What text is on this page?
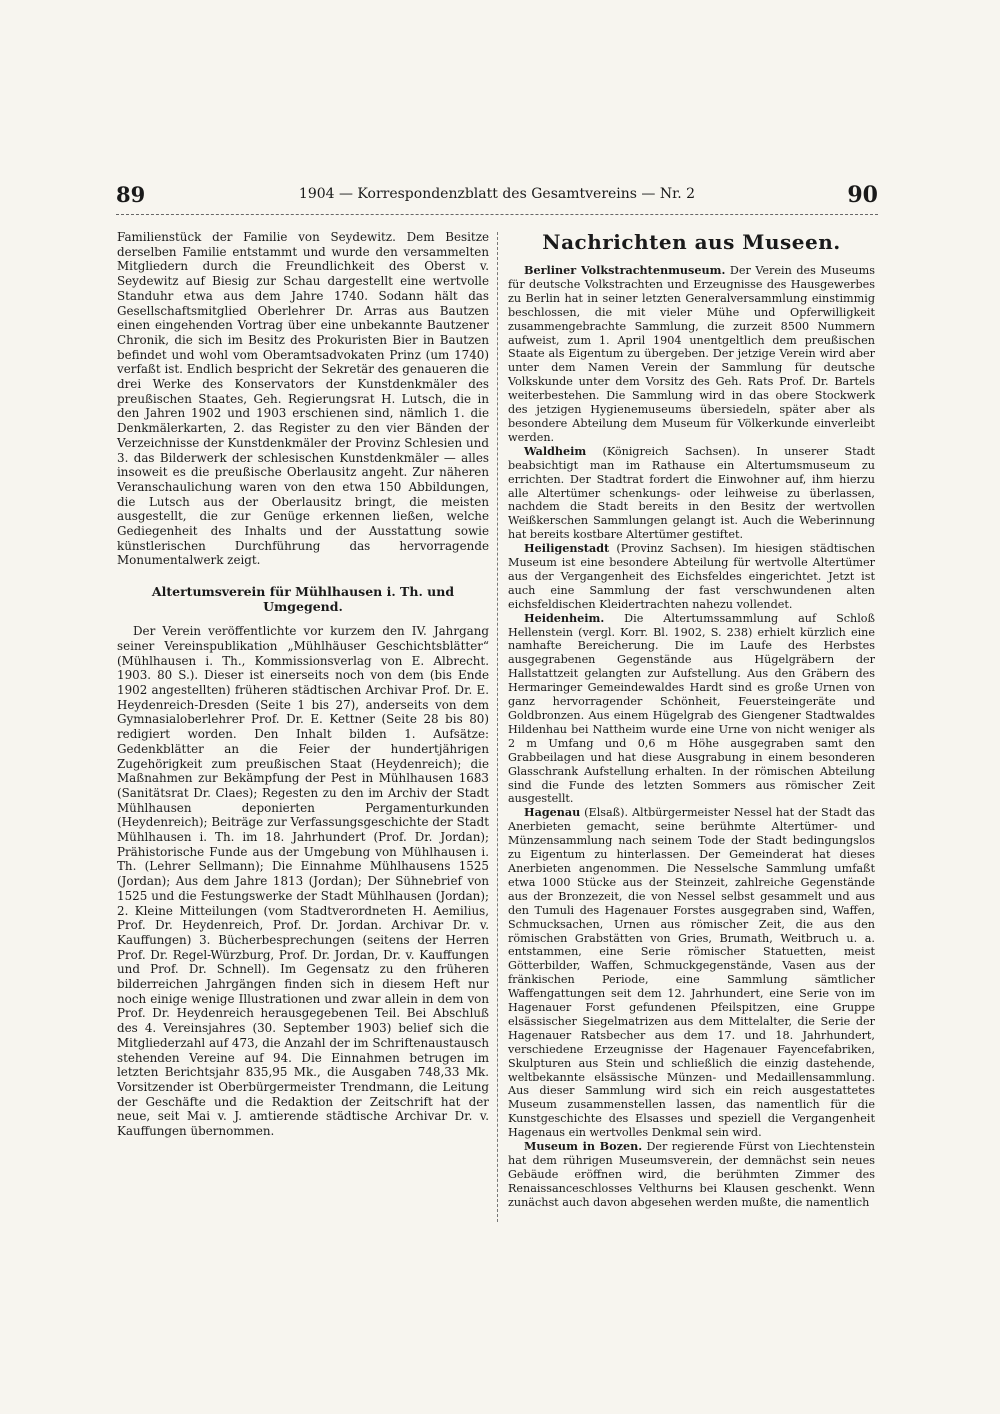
89	1904 — Korrespondenzblatt des Gesamtvereins — Nr. 2	90

Familienstück der Familie von Seydewitz. Dem Besitze derselben Familie entstammt und wurde den versammelten Mitgliedern durch die Freundlichkeit des Oberst v. Seydewitz auf Biesig zur Schau dargestellt eine wertvolle Standuhr etwa aus dem Jahre 1740. Sodann hält das Gesellschaftsmitglied Oberlehrer Dr. Arras aus Bautzen einen eingehenden Vortrag über eine unbekannte Bautzener Chronik, die sich im Besitz des Prokuristen Bier in Bautzen befindet und wohl vom Oberamtsadvokaten Prinz (um 1740) verfaßt ist. Endlich bespricht der Sekretär des genaueren die drei Werke des Konservators der Kunstdenkmäler des preußischen Staates, Geh. Regierungsrat H. Lutsch, die in den Jahren 1902 und 1903 erschienen sind, nämlich 1. die Denkmälerkarten, 2. das Register zu den vier Bänden der Verzeichnisse der Kunstdenkmäler der Provinz Schlesien und 3. das Bilderwerk der schlesischen Kunstdenkmäler — alles insoweit es die preußische Oberlausitz angeht. Zur näheren Veranschaulichung waren von den etwa 150 Abbildungen, die Lutsch aus der Oberlausitz bringt, die meisten ausgestellt, die zur Genüge erkennen ließen, welche Gediegenheit des Inhalts und der Ausstattung sowie künstlerischen Durchführung das hervorragende Monumentalwerk zeigt.

Altertumsverein für Mühlhausen i. Th. und Umgegend.

Der Verein veröffentlichte vor kurzem den IV. Jahrgang seiner Vereinspublikation „Mühlhäuser Geschichtsblätter“ (Mühlhausen i. Th., Kommissionsverlag von E. Albrecht. 1903. 80 S.). Dieser ist einerseits noch von dem (bis Ende 1902 angestellten) früheren städtischen Archivar Prof. Dr. E. Heydenreich-Dresden (Seite 1 bis 27), anderseits von dem Gymnasialoberlehrer Prof. Dr. E. Kettner (Seite 28 bis 80) redigiert worden. Den Inhalt bilden 1. Aufsätze: Gedenkblätter an die Feier der hundertjährigen Zugehörigkeit zum preußischen Staat (Heydenreich); die Maßnahmen zur Bekämpfung der Pest in Mühlhausen 1683 (Sanitätsrat Dr. Claes); Regesten zu den im Archiv der Stadt Mühlhausen deponierten Pergamenturkunden (Heydenreich); Beiträge zur Verfassungsgeschichte der Stadt Mühlhausen i. Th. im 18. Jahrhundert (Prof. Dr. Jordan); Prähistorische Funde aus der Umgebung von Mühlhausen i. Th. (Lehrer Sellmann); Die Einnahme Mühlhausens 1525 (Jordan); Aus dem Jahre 1813 (Jordan); Der Sühnebrief von 1525 und die Festungswerke der Stadt Mühlhausen (Jordan); 2. Kleine Mitteilungen (vom Stadtverordneten H. Aemilius, Prof. Dr. Heydenreich, Prof. Dr. Jordan. Archivar Dr. v. Kauffungen) 3. Bücherbesprechungen (seitens der Herren Prof. Dr. Regel-Würzburg, Prof. Dr. Jordan, Dr. v. Kauffungen und Prof. Dr. Schnell). Im Gegensatz zu den früheren bilderreichen Jahrgängen finden sich in diesem Heft nur noch einige wenige Illustrationen und zwar allein in dem von Prof. Dr. Heydenreich herausgegebenen Teil. Bei Abschluß des 4. Vereinsjahres (30. September 1903) belief sich die Mitgliederzahl auf 473, die Anzahl der im Schriftenaustausch stehenden Vereine auf 94. Die Einnahmen betrugen im letzten Berichtsjahr 835,95 Mk., die Ausgaben 748,33 Mk. Vorsitzender ist Oberbürgermeister Trendmann, die Leitung der Geschäfte und die Redaktion der Zeitschrift hat der neue, seit Mai v. J. amtierende städtische Archivar Dr. v. Kauffungen übernommen.

Nachrichten aus Museen.

Berliner Volkstrachtenmuseum. Der Verein des Museums für deutsche Volkstrachten und Erzeugnisse des Hausgewerbes zu Berlin hat in seiner letzten Generalversammlung einstimmig beschlossen, die mit vieler Mühe und Opferwilligkeit zusammengebrachte Sammlung, die zurzeit 8500 Nummern aufweist, zum 1. April 1904 unentgeltlich dem preußischen Staate als Eigentum zu übergeben. Der jetzige Verein wird aber unter dem Namen Verein der Sammlung für deutsche Volkskunde unter dem Vorsitz des Geh. Rats Prof. Dr. Bartels weiterbestehen. Die Sammlung wird in das obere Stockwerk des jetzigen Hygienemuseums übersiedeln, später aber als besondere Abteilung dem Museum für Völkerkunde einverleibt werden.

Waldheim (Königreich Sachsen). In unserer Stadt beabsichtigt man im Rathause ein Altertumsmuseum zu errichten. Der Stadtrat fordert die Einwohner auf, ihm hierzu alle Altertümer schenkungs- oder leihweise zu überlassen, nachdem die Stadt bereits in den Besitz der wertvollen Weißkerschen Sammlungen gelangt ist. Auch die Weberinnung hat bereits kostbare Altertümer gestiftet.

Heiligenstadt (Provinz Sachsen). Im hiesigen städtischen Museum ist eine besondere Abteilung für wertvolle Altertümer aus der Vergangenheit des Eichsfeldes eingerichtet. Jetzt ist auch eine Sammlung der fast verschwundenen alten eichsfeldischen Kleidertrachten nahezu vollendet.

Heidenheim. Die Altertumssammlung auf Schloß Hellenstein (vergl. Korr. Bl. 1902, S. 238) erhielt kürzlich eine namhafte Bereicherung. Die im Laufe des Herbstes ausgegrabenen Gegenstände aus Hügelgräbern der Hallstattzeit gelangten zur Aufstellung. Aus den Gräbern des Hermaringer Gemeindewaldes Hardt sind es große Urnen von ganz hervorragender Schönheit, Feuersteingeräte und Goldbronzen. Aus einem Hügelgrab des Giengener Stadtwaldes Hildenhau bei Nattheim wurde eine Urne von nicht weniger als 2 m Umfang und 0,6 m Höhe ausgegraben samt den Grabbeilagen und hat diese Ausgrabung in einem besonderen Glasschrank Aufstellung erhalten. In der römischen Abteilung sind die Funde des letzten Sommers aus römischer Zeit ausgestellt.

Hagenau (Elsaß). Altbürgermeister Nessel hat der Stadt das Anerbieten gemacht, seine berühmte Altertümer- und Münzensammlung nach seinem Tode der Stadt bedingungslos zu Eigentum zu hinterlassen. Der Gemeinderat hat dieses Anerbieten angenommen. Die Nesselsche Sammlung umfaßt etwa 1000 Stücke aus der Steinzeit, zahlreiche Gegenstände aus der Bronzezeit, die von Nessel selbst gesammelt und aus den Tumuli des Hagenauer Forstes ausgegraben sind, Waffen, Schmucksachen, Urnen aus römischer Zeit, die aus den römischen Grabstätten von Gries, Brumath, Weitbruch u. a. entstammen, eine Serie römischer Statuetten, meist Götterbilder, Waffen, Schmuckgegenstände, Vasen aus der fränkischen Periode, eine Sammlung sämtlicher Waffengattungen seit dem 12. Jahrhundert, eine Serie von im Hagenauer Forst gefundenen Pfeilspitzen, eine Gruppe elsässischer Siegelmatrizen aus dem Mittelalter, die Serie der Hagenauer Ratsbecher aus dem 17. und 18. Jahrhundert, verschiedene Erzeugnisse der Hagenauer Fayencefabriken, Skulpturen aus Stein und schließlich die einzig dastehende, weltbekannte elsässische Münzen- und Medaillensammlung. Aus dieser Sammlung wird sich ein reich ausgestattetes Museum zusammenstellen lassen, das namentlich für die Kunstgeschichte des Elsasses und speziell die Vergangenheit Hagenaus ein wertvolles Denkmal sein wird.

Museum in Bozen. Der regierende Fürst von Liechtenstein hat dem rührigen Museumsverein, der demnächst sein neues Gebäude eröffnen wird, die berühmten Zimmer des Renaissanceschlosses Velthurns bei Klausen geschenkt. Wenn zunächst auch davon abgesehen werden mußte, die namentlich
